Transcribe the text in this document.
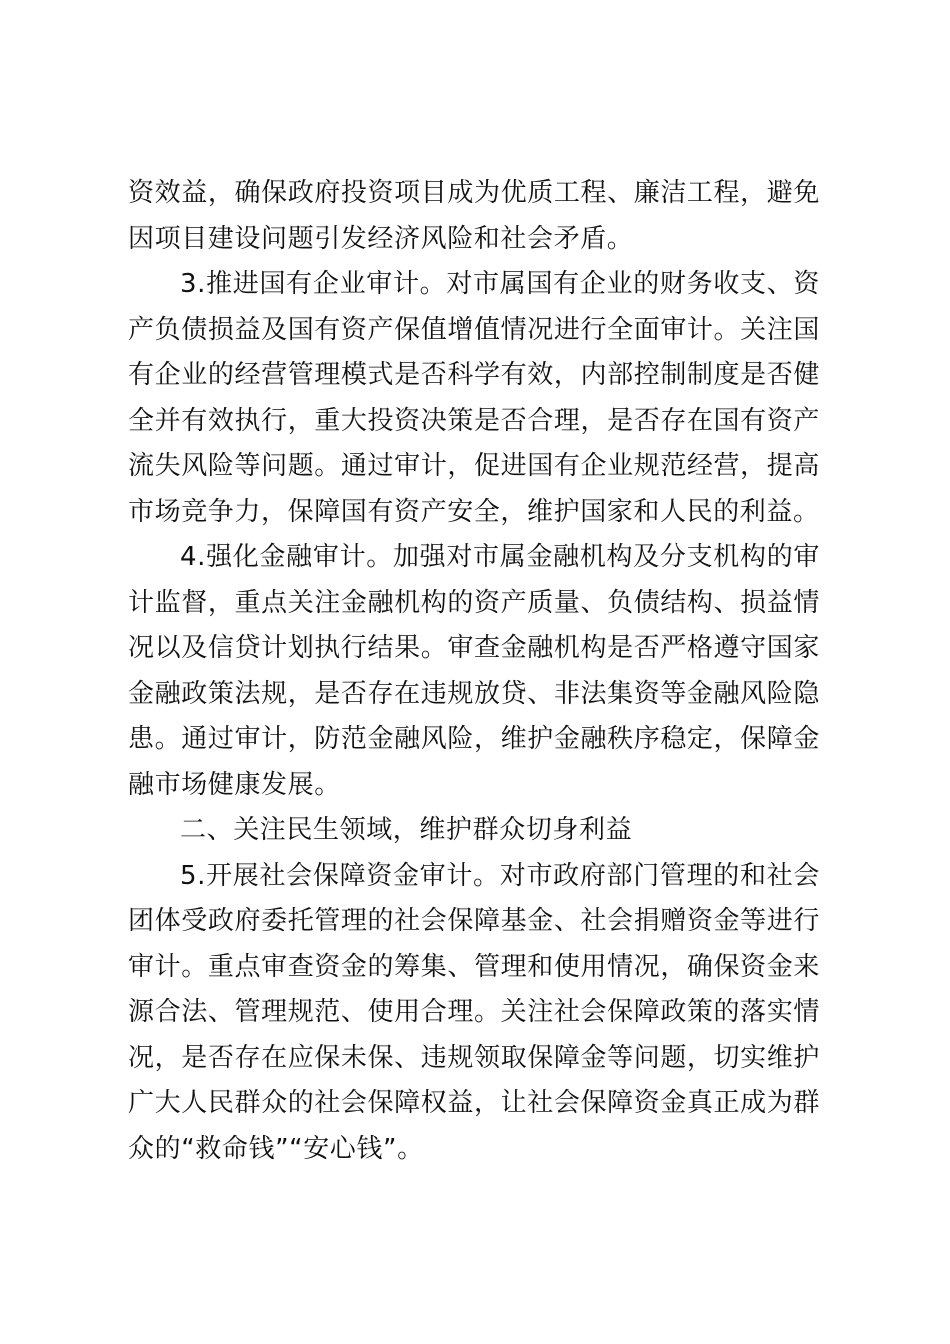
资效益，确保政府投资项目成为优质工程、廉洁工程，避免因项目建设问题引发经济风险和社会矛盾。

3.推进国有企业审计。对市属国有企业的财务收支、资产负债损益及国有资产保值增值情况进行全面审计。关注国有企业的经营管理模式是否科学有效，内部控制制度是否健全并有效执行，重大投资决策是否合理，是否存在国有资产流失风险等问题。通过审计，促进国有企业规范经营，提高市场竞争力，保障国有资产安全，维护国家和人民的利益。

4.强化金融审计。加强对市属金融机构及分支机构的审计监督，重点关注金融机构的资产质量、负债结构、损益情况以及信贷计划执行结果。审查金融机构是否严格遵守国家金融政策法规，是否存在违规放贷、非法集资等金融风险隐患。通过审计，防范金融风险，维护金融秩序稳定，保障金融市场健康发展。

二、关注民生领域，维护群众切身利益

5.开展社会保障资金审计。对市政府部门管理的和社会团体受政府委托管理的社会保障基金、社会捐赠资金等进行审计。重点审查资金的筹集、管理和使用情况，确保资金来源合法、管理规范、使用合理。关注社会保障政策的落实情况，是否存在应保未保、违规领取保障金等问题，切实维护广大人民群众的社会保障权益，让社会保障资金真正成为群众的“救命钱”“安心钱”。
